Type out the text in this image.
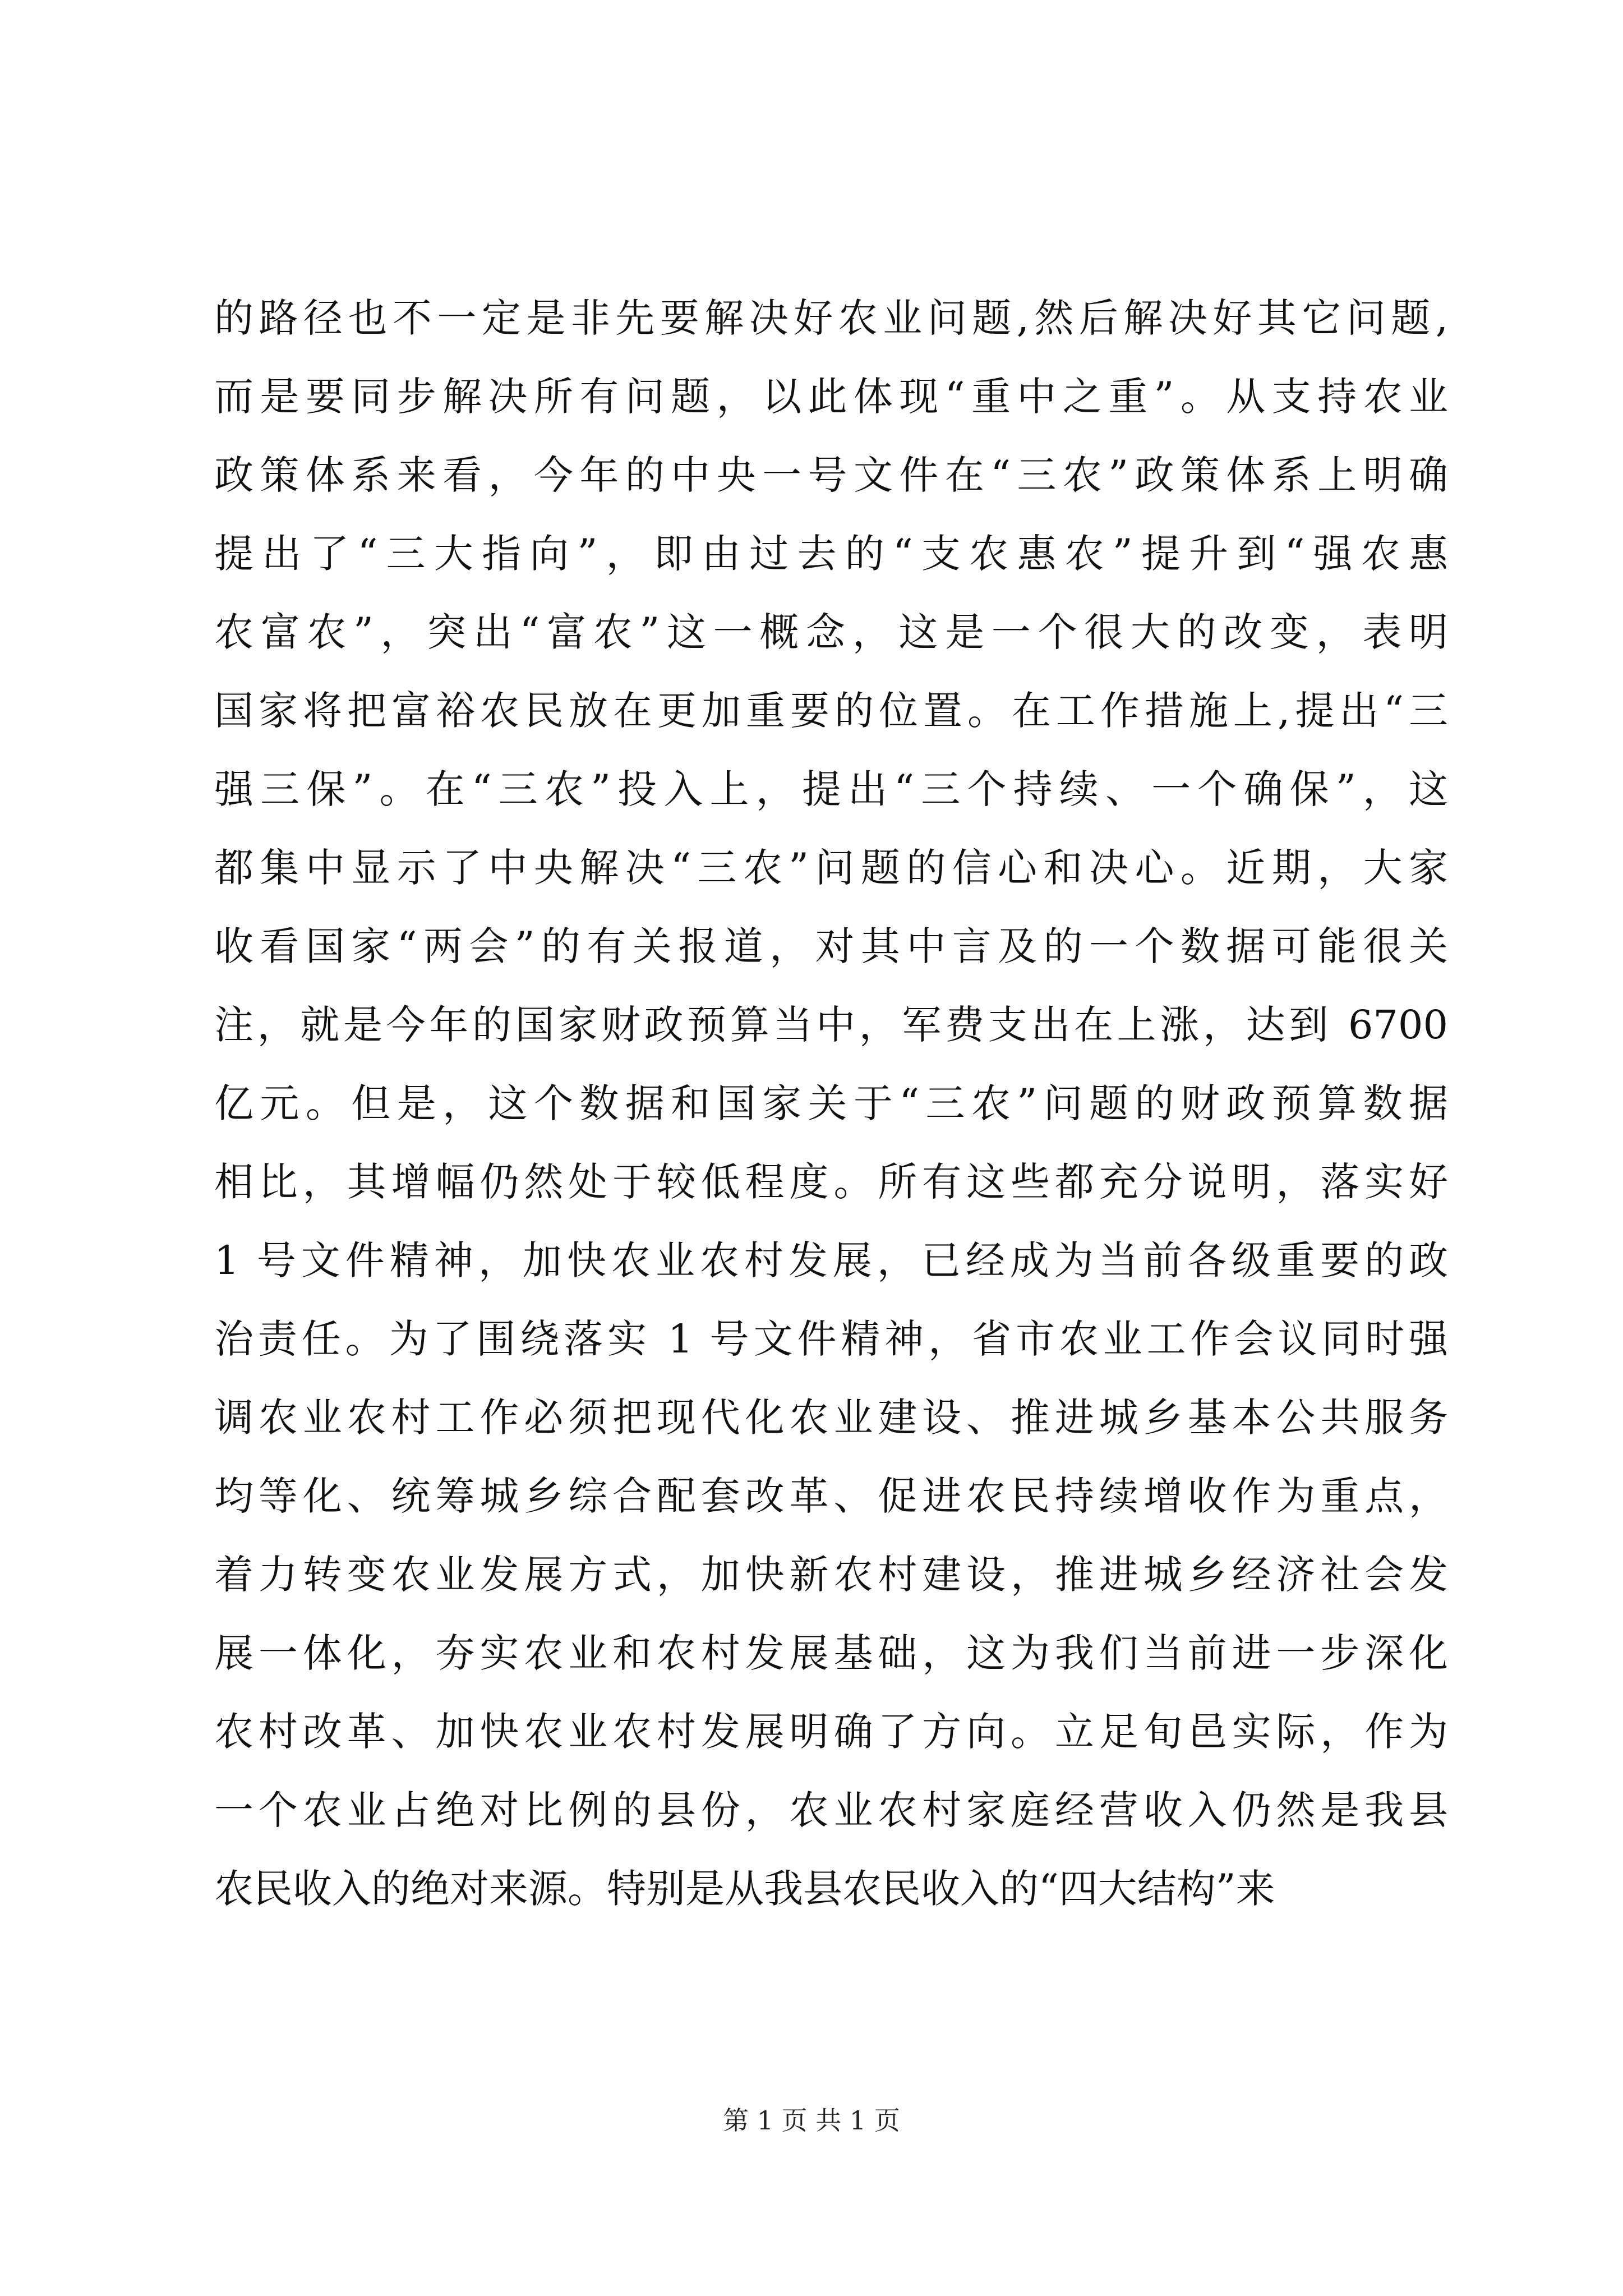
的路径也不一定是非先要解决好农业问题,然后解决好其它问题,
而是要同步解决所有问题，以此体现“重中之重”。从支持农业
政策体系来看，今年的中央一号文件在“三农”政策体系上明确
提出了“三大指向”，即由过去的“支农惠农”提升到“强农惠
农富农”，突出“富农”这一概念，这是一个很大的改变，表明
国家将把富裕农民放在更加重要的位置。在工作措施上,提出“三
强三保”。在“三农”投入上，提出“三个持续、一个确保”，这
都集中显示了中央解决“三农”问题的信心和决心。近期，大家
收看国家“两会”的有关报道，对其中言及的一个数据可能很关
注，就是今年的国家财政预算当中，军费支出在上涨，达到 6700
亿元。但是，这个数据和国家关于“三农”问题的财政预算数据
相比，其增幅仍然处于较低程度。所有这些都充分说明，落实好
1 号文件精神，加快农业农村发展，已经成为当前各级重要的政
治责任。为了围绕落实 1 号文件精神，省市农业工作会议同时强
调农业农村工作必须把现代化农业建设、推进城乡基本公共服务
均等化、统筹城乡综合配套改革、促进农民持续增收作为重点，
着力转变农业发展方式，加快新农村建设，推进城乡经济社会发
展一体化，夯实农业和农村发展基础，这为我们当前进一步深化
农村改革、加快农业农村发展明确了方向。立足旬邑实际，作为
一个农业占绝对比例的县份，农业农村家庭经营收入仍然是我县
农民收入的绝对来源。特别是从我县农民收入的“四大结构”来
第 1 页 共 1 页
